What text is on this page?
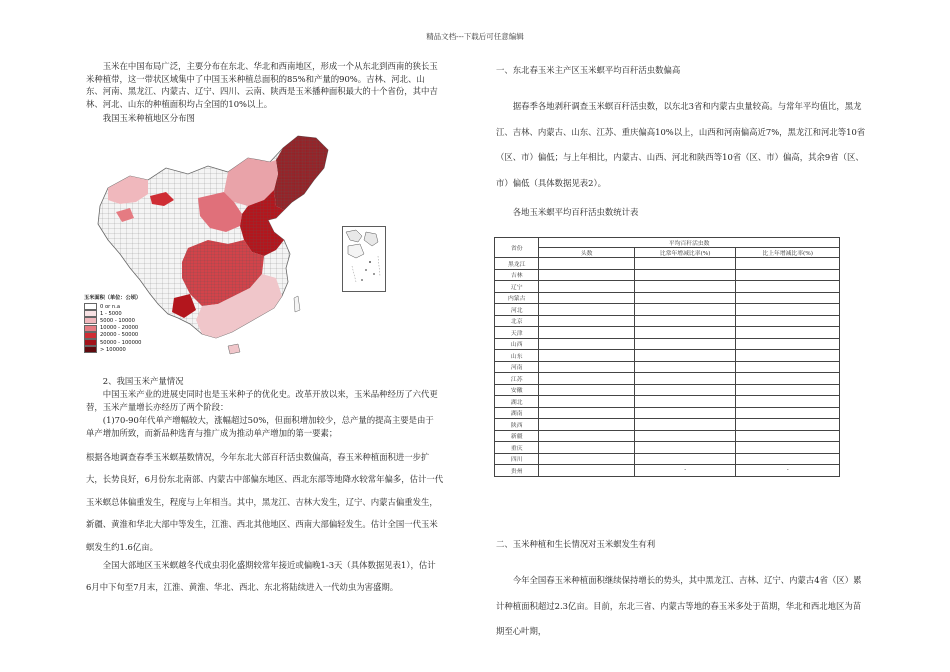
精品文档---下载后可任意编辑
玉米在中国布局广泛，主要分布在东北、华北和西南地区，形成一个从东北到西南的狭长玉米种植带，这一带状区域集中了中国玉米种植总面积的85%和产量的90%。吉林、河北、山东、河南、黑龙江、内蒙古、辽宁、四川、云南、陕西是玉米播种面积最大的十个省份，其中吉林、河北、山东的种植面积均占全国的10%以上。
我国玉米种植地区分布图
玉米面积（单位：公顷）
0 or n.a
1 - 5000
5000 - 10000
10000 - 20000
20000 - 50000
50000 - 100000
> 100000
2、我国玉米产量情况
中国玉米产业的进展史同时也是玉米种子的优化史。改革开放以来，玉米品种经历了六代更替，玉米产量增长亦经历了两个阶段：
(1)70-90年代单产增幅较大，涨幅超过50%，但面积增加较少，总产量的提高主要是由于单产增加所致，而新品种选育与推广成为推动单产增加的第一要素；
根据各地调查春季玉米螟基数情况，今年东北大部百秆活虫数偏高，春玉米种植面积进一步扩大，长势良好，6月份东北南部、内蒙古中部偏东地区、西北东部等地降水较常年偏多，估计一代玉米螟总体偏重发生，程度与上年相当。其中，黑龙江、吉林大发生，辽宁、内蒙古偏重发生，新疆、黄淮和华北大部中等发生，江淮、西北其他地区、西南大部偏轻发生。估计全国一代玉米螟发生约1.6亿亩。
全国大部地区玉米螟越冬代成虫羽化盛期较常年接近或偏晚1-3天（具体数据见表1），估计6月中下旬至7月末，江淮、黄淮、华北、西北、东北将陆续进入一代幼虫为害盛期。
一、东北春玉米主产区玉米螟平均百秆活虫数偏高
据春季各地剥秆调查玉米螟百秆活虫数，以东北3省和内蒙古虫量较高。与常年平均值比，黑龙江、吉林、内蒙古、山东、江苏、重庆偏高10%以上，山西和河南偏高近7%，黑龙江和河北等10省（区、市）偏低；与上年相比，内蒙古、山西、河北和陕西等10省（区、市）偏高，其余9省（区、市）偏低（具体数据见表2）。
各地玉米螟平均百秆活虫数统计表
省份	平均百秆活虫数		
	头数	比常年增减比率(%)	比上年增减比率(%)
黑龙江			
吉林			
辽宁			
内蒙古			
河北			
北京			
天津			
山西			
山东			
河南			
江苏			
安徽			
湖北			
湖南			
陕西			
新疆			
重庆			
四川			
贵州		-	-
二、玉米种植和生长情况对玉米螟发生有利
今年全国春玉米种植面积继续保持增长的势头，其中黑龙江、吉林、辽宁、内蒙古4省（区）累计种植面积超过2.3亿亩。目前，东北三省、内蒙古等地的春玉米多处于苗期，华北和西北地区为苗期至心叶期，
